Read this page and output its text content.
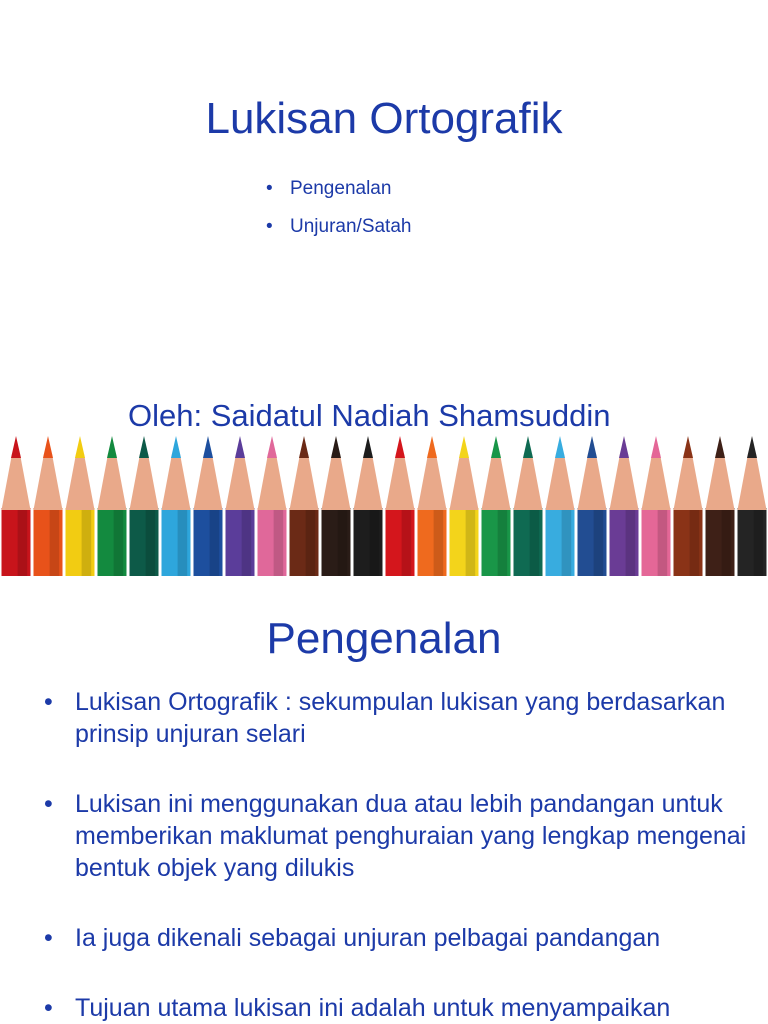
Lukisan Ortografik
• Pengenalan
• Unjuran/Satah
Oleh: Saidatul Nadiah Shamsuddin
Pengenalan
• Lukisan Ortografik : sekumpulan lukisan yang berdasarkan prinsip unjuran selari
• Lukisan ini menggunakan dua atau lebih pandangan untuk memberikan maklumat penghuraian yang lengkap mengenai bentuk objek yang dilukis
• Ia juga dikenali sebagai unjuran pelbagai pandangan
• Tujuan utama lukisan ini adalah untuk menyampaikan
